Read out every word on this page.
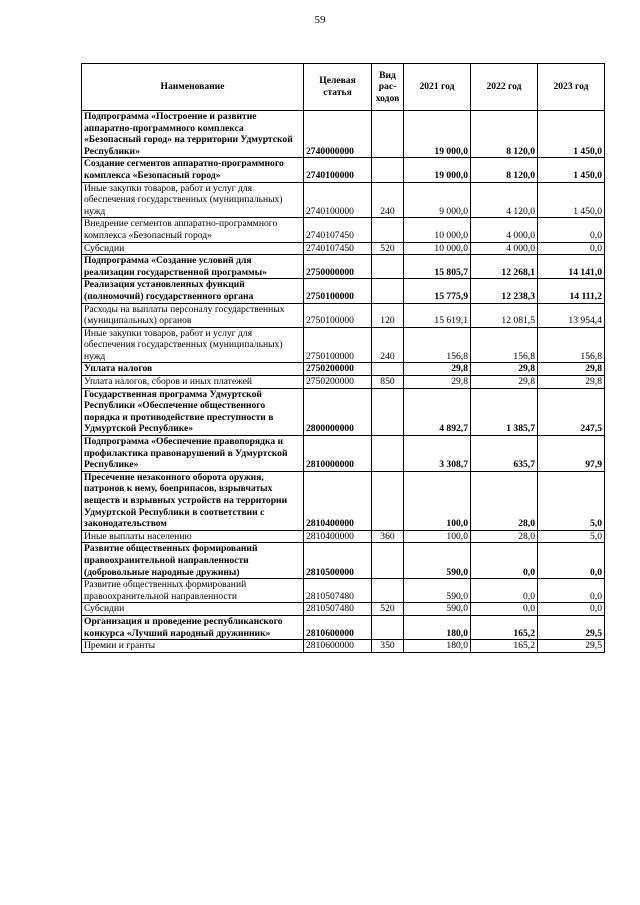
59
Наименование	Целевая статья	Вид рас-ходов	2021 год	2022 год	2023 год
Подпрограмма «Построение и развитие аппаратно-программного комплекса «Безопасный город» на территории Удмуртской Республики»	2740000000		19 000,0	8 120,0	1 450,0
Создание сегментов аппаратно-программного комплекса «Безопасный город»	2740100000		19 000,0	8 120,0	1 450,0
Иные закупки товаров, работ и услуг для обеспечения государственных (муниципальных) нужд	2740100000	240	9 000,0	4 120,0	1 450,0
Внедрение сегментов аппаратно-программного комплекса «Безопасный город»	2740107450		10 000,0	4 000,0	0,0
Субсидии	2740107450	520	10 000,0	4 000,0	0,0
Подпрограмма «Создание условий для реализации государственной программы»	2750000000		15 805,7	12 268,1	14 141,0
Реализация установленных функций (полномочий) государственного органа	2750100000		15 775,9	12 238,3	14 111,2
Расходы на выплаты персоналу государственных (муниципальных) органов	2750100000	120	15 619,1	12 081,5	13 954,4
Иные закупки товаров, работ и услуг для обеспечения государственных (муниципальных) нужд	2750100000	240	156,8	156,8	156,8
Уплата налогов	2750200000		29,8	29,8	29,8
Уплата налогов, сборов и иных платежей	2750200000	850	29,8	29,8	29,8
Государственная программа Удмуртской Республики «Обеспечение общественного порядка и противодействие преступности в Удмуртской Республике»	2800000000		4 892,7	1 385,7	247,5
Подпрограмма «Обеспечение правопорядка и профилактика правонарушений в Удмуртской Республике»	2810000000		3 308,7	635,7	97,9
Пресечение незаконного оборота оружия, патронов к нему, боеприпасов, взрывчатых веществ и взрывных устройств на территории Удмуртской Республики в соответствии с законодательством	2810400000		100,0	28,0	5,0
Иные выплаты населению	2810400000	360	100,0	28,0	5,0
Развитие общественных формирований правоохранительной направленности (добровольные народные дружины)	2810500000		590,0	0,0	0,0
Развитие общественных формирований правоохранительной направленности	2810507480		590,0	0,0	0,0
Субсидии	2810507480	520	590,0	0,0	0,0
Организация и проведение республиканского конкурса «Лучший народный дружинник»	2810600000		180,0	165,2	29,5
Премии и гранты	2810600000	350	180,0	165,2	29,5
